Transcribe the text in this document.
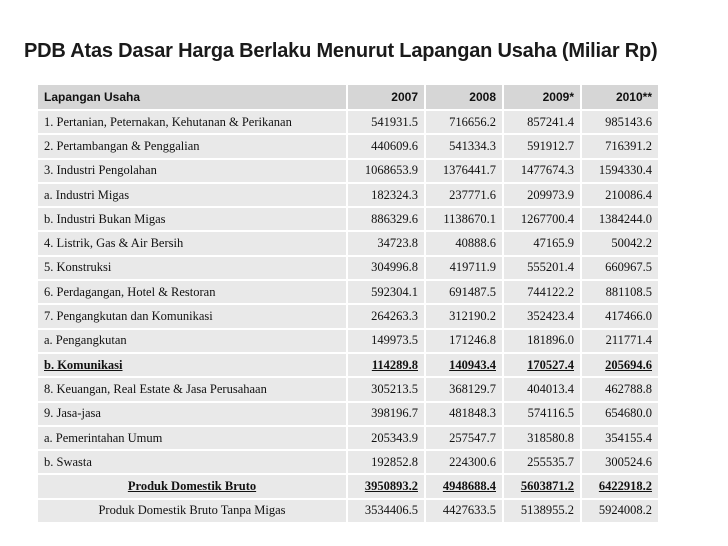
PDB Atas Dasar Harga Berlaku Menurut Lapangan Usaha (Miliar Rp)
Lapangan Usaha	2007	2008	2009*	2010**
1. Pertanian, Peternakan, Kehutanan & Perikanan	541931.5	716656.2	857241.4	985143.6
2. Pertambangan & Penggalian	440609.6	541334.3	591912.7	716391.2
3. Industri Pengolahan	1068653.9	1376441.7	1477674.3	1594330.4
a. Industri Migas	182324.3	237771.6	209973.9	210086.4
b. Industri Bukan Migas	886329.6	1138670.1	1267700.4	1384244.0
4. Listrik, Gas & Air Bersih	34723.8	40888.6	47165.9	50042.2
5. Konstruksi	304996.8	419711.9	555201.4	660967.5
6. Perdagangan, Hotel & Restoran	592304.1	691487.5	744122.2	881108.5
7. Pengangkutan dan Komunikasi	264263.3	312190.2	352423.4	417466.0
a. Pengangkutan	149973.5	171246.8	181896.0	211771.4
b. Komunikasi	114289.8	140943.4	170527.4	205694.6
8. Keuangan, Real Estate & Jasa Perusahaan	305213.5	368129.7	404013.4	462788.8
9. Jasa-jasa	398196.7	481848.3	574116.5	654680.0
a. Pemerintahan Umum	205343.9	257547.7	318580.8	354155.4
b. Swasta	192852.8	224300.6	255535.7	300524.6
Produk Domestik Bruto	3950893.2	4948688.4	5603871.2	6422918.2
Produk Domestik Bruto Tanpa Migas	3534406.5	4427633.5	5138955.2	5924008.2
